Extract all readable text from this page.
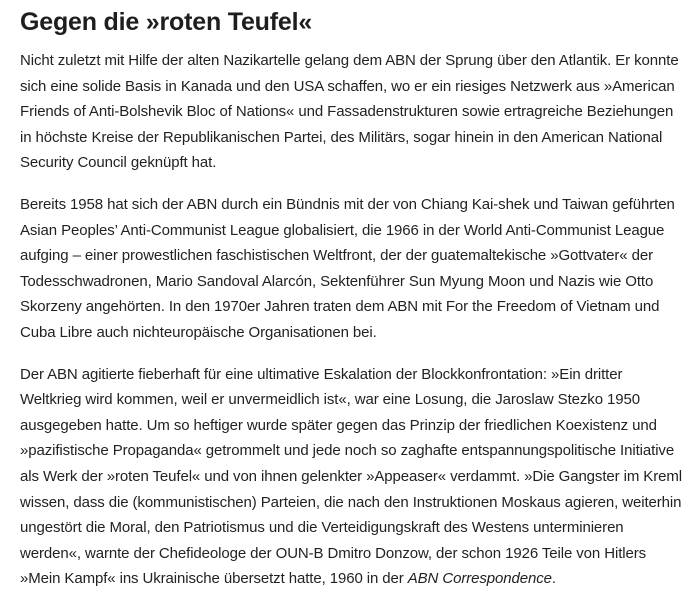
Gegen die »roten Teufel«

Nicht zuletzt mit Hilfe der alten Nazikartelle gelang dem ABN der Sprung über den Atlantik. Er konnte sich eine solide Basis in Kanada und den USA schaffen, wo er ein riesiges Netzwerk aus »American Friends of Anti-Bolshevik Bloc of Nations« und Fassadenstrukturen sowie ertragreiche Beziehungen in höchste Kreise der Republikanischen Partei, des Militärs, sogar hinein in den American National Security Council geknüpft hat.

Bereits 1958 hat sich der ABN durch ein Bündnis mit der von Chiang Kai-shek und Taiwan geführten Asian Peoples’ Anti-Communist League globalisiert, die 1966 in der World Anti-Communist League aufging – einer prowestlichen faschistischen Weltfront, der der guatemaltekische »Gottvater« der Todesschwadronen, Mario Sandoval Alarcón, Sektenführer Sun Myung Moon und Nazis wie Otto Skorzeny angehörten. In den 1970er Jahren traten dem ABN mit For the Freedom of Vietnam und Cuba Libre auch nichteuropäische Organisationen bei.

Der ABN agitierte fieberhaft für eine ultimative Eskalation der Blockkonfrontation: »Ein dritter Weltkrieg wird kommen, weil er unvermeidlich ist«, war eine Losung, die Jaroslaw Stezko 1950 ausgegeben hatte. Um so heftiger wurde später gegen das Prinzip der friedlichen Koexistenz und »pazifistische Propaganda« getrommelt und jede noch so zaghafte entspannungspolitische Initiative als Werk der »roten Teufel« und von ihnen gelenkter »Appeaser« verdammt. »Die Gangster im Kreml wissen, dass die (kommunistischen) Parteien, die nach den Instruktionen Moskaus agieren, weiterhin ungestört die Moral, den Patriotismus und die Verteidigungskraft des Westens unterminieren werden«, warnte der Chefideologe der OUN-B Dmitro Donzow, der schon 1926 Teile von Hitlers »Mein Kampf« ins Ukrainische übersetzt hatte, 1960 in der ABN Correspondence.
